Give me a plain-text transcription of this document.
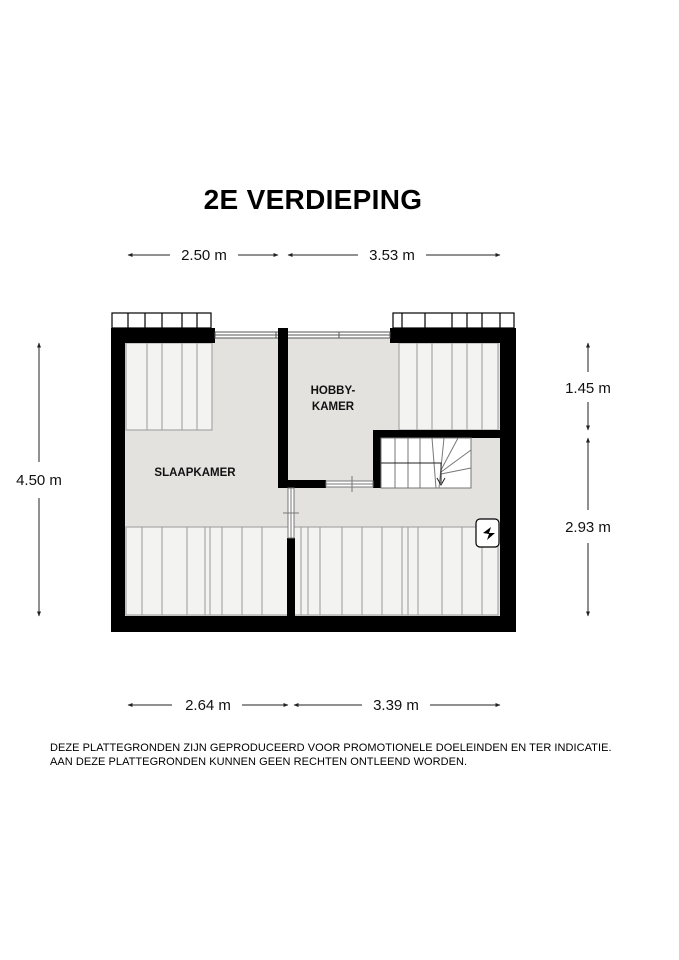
2E VERDIEPING
SLAAPKAMER
HOBBY-
KAMER
2.50 m	3.53 m
2.64 m	3.39 m
4.50 m
1.45 m
2.93 m
DEZE PLATTEGRONDEN ZIJN GEPRODUCEERD VOOR PROMOTIONELE DOELEINDEN EN TER INDICATIE.
AAN DEZE PLATTEGRONDEN KUNNEN GEEN RECHTEN ONTLEEND WORDEN.
